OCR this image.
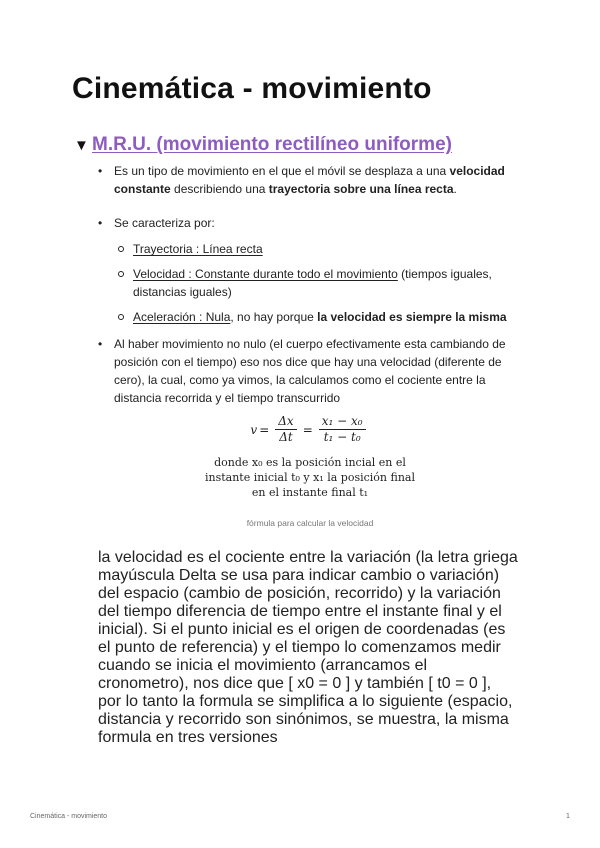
Cinemática - movimiento
▼ M.R.U. (movimiento rectilíneo uniforme)
• Es un tipo de movimiento en el que el móvil se desplaza a una velocidad constante describiendo una trayectoria sobre una línea recta.
• Se caracteriza por:
Trayectoria : Línea recta
Velocidad : Constante durante todo el movimiento (tiempos iguales, distancias iguales)
Aceleración : Nula, no hay porque la velocidad es siempre la misma
• Al haber movimiento no nulo (el cuerpo efectivamente esta cambiando de posición con el tiempo) eso nos dice que hay una velocidad (diferente de cero), la cual, como ya vimos, la calculamos como el cociente entre la distancia recorrida y el tiempo transcurrido
$v = \frac{\Delta x}{\Delta t} = \frac{\text{x₁ − x₀}}{\text{t₁ − t₀}}$
donde x₀ es la posición incial en el
instante inicial t₀ y x₁ la posición final
en el instante final t₁
fórmula para calcular la velocidad
la velocidad es el cociente entre la variación (la letra griega mayúscula Delta se usa para indicar cambio o variación) del espacio (cambio de posición, recorrido) y la variación del tiempo diferencia de tiempo entre el instante final y el inicial). Si el punto inicial es el origen de coordenadas (es el punto de referencia) y el tiempo lo comenzamos medir cuando se inicia el movimiento (arrancamos el cronometro), nos dice que [ x0 = 0 ] y también [ t0 = 0 ], por lo tanto la formula se simplifica a lo siguiente (espacio, distancia y recorrido son sinónimos, se muestra, la misma formula en tres versiones
Cinemática - movimiento	1
